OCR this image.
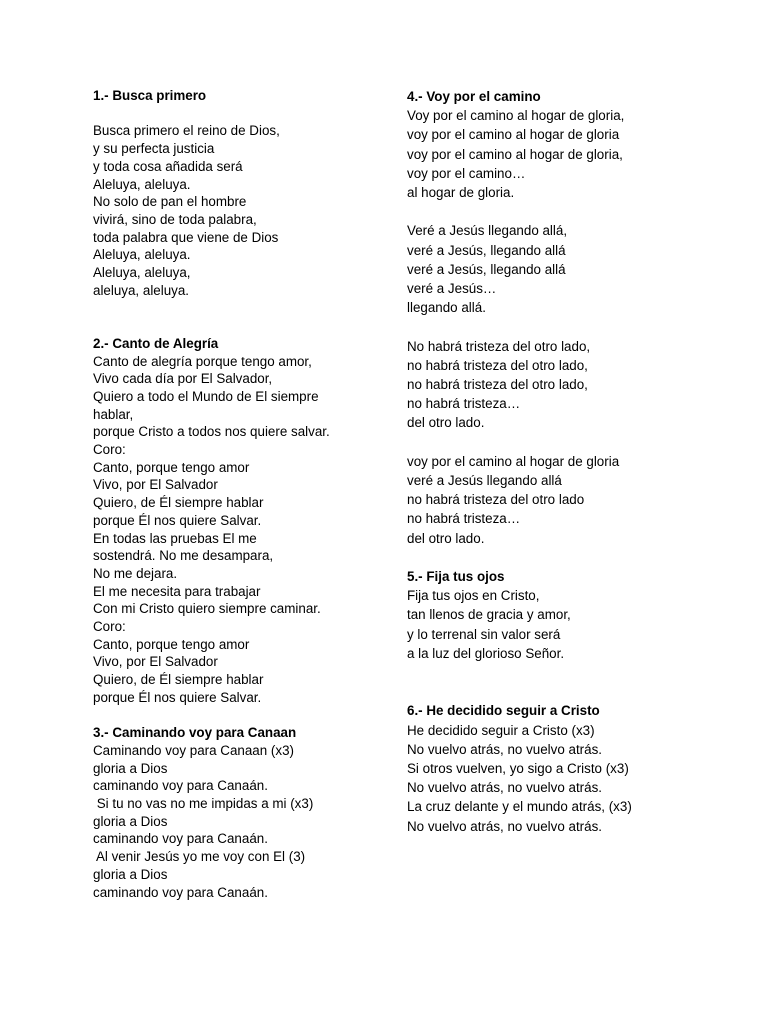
1.- Busca primero
Busca primero el reino de Dios,
y su perfecta justicia
y toda cosa añadida será
Aleluya, aleluya.
No solo de pan el hombre
vivirá, sino de toda palabra,
toda palabra que viene de Dios
Aleluya, aleluya.
Aleluya, aleluya,
aleluya, aleluya.
2.- Canto de Alegría
Canto de alegría porque tengo amor,
Vivo cada día por El Salvador,
Quiero a todo el Mundo de El siempre
hablar,
porque Cristo a todos nos quiere salvar.
Coro:
Canto, porque tengo amor
Vivo, por El Salvador
Quiero, de Él siempre hablar
porque Él nos quiere Salvar.
En todas las pruebas El me
sostendrá. No me desampara,
No me dejara.
El me necesita para trabajar
Con mi Cristo quiero siempre caminar.
Coro:
Canto, porque tengo amor
Vivo, por El Salvador
Quiero, de Él siempre hablar
porque Él nos quiere Salvar.
3.- Caminando voy para Canaan
Caminando voy para Canaan (x3)
gloria a Dios
caminando voy para Canaán.
Si tu no vas no me impidas a mi (x3)
gloria a Dios
caminando voy para Canaán.
Al venir Jesús yo me voy con El (3)
gloria a Dios
caminando voy para Canaán.
4.- Voy por el camino
Voy por el camino al hogar de gloria,
voy por el camino al hogar de gloria
voy por el camino al hogar de gloria,
voy por el camino…
al hogar de gloria.
Veré a Jesús llegando allá,
veré a Jesús, llegando allá
veré a Jesús, llegando allá
veré a Jesús…
llegando allá.
No habrá tristeza del otro lado,
no habrá tristeza del otro lado,
no habrá tristeza del otro lado,
no habrá tristeza…
del otro lado.
voy por el camino al hogar de gloria
veré a Jesús llegando allá
no habrá tristeza del otro lado
no habrá tristeza…
del otro lado.
5.- Fija tus ojos
Fija tus ojos en Cristo,
tan llenos de gracia y amor,
y lo terrenal sin valor será
a la luz del glorioso Señor.
6.- He decidido seguir a Cristo
He decidido seguir a Cristo (x3)
No vuelvo atrás, no vuelvo atrás.
Si otros vuelven, yo sigo a Cristo (x3)
No vuelvo atrás, no vuelvo atrás.
La cruz delante y el mundo atrás, (x3)
No vuelvo atrás, no vuelvo atrás.
